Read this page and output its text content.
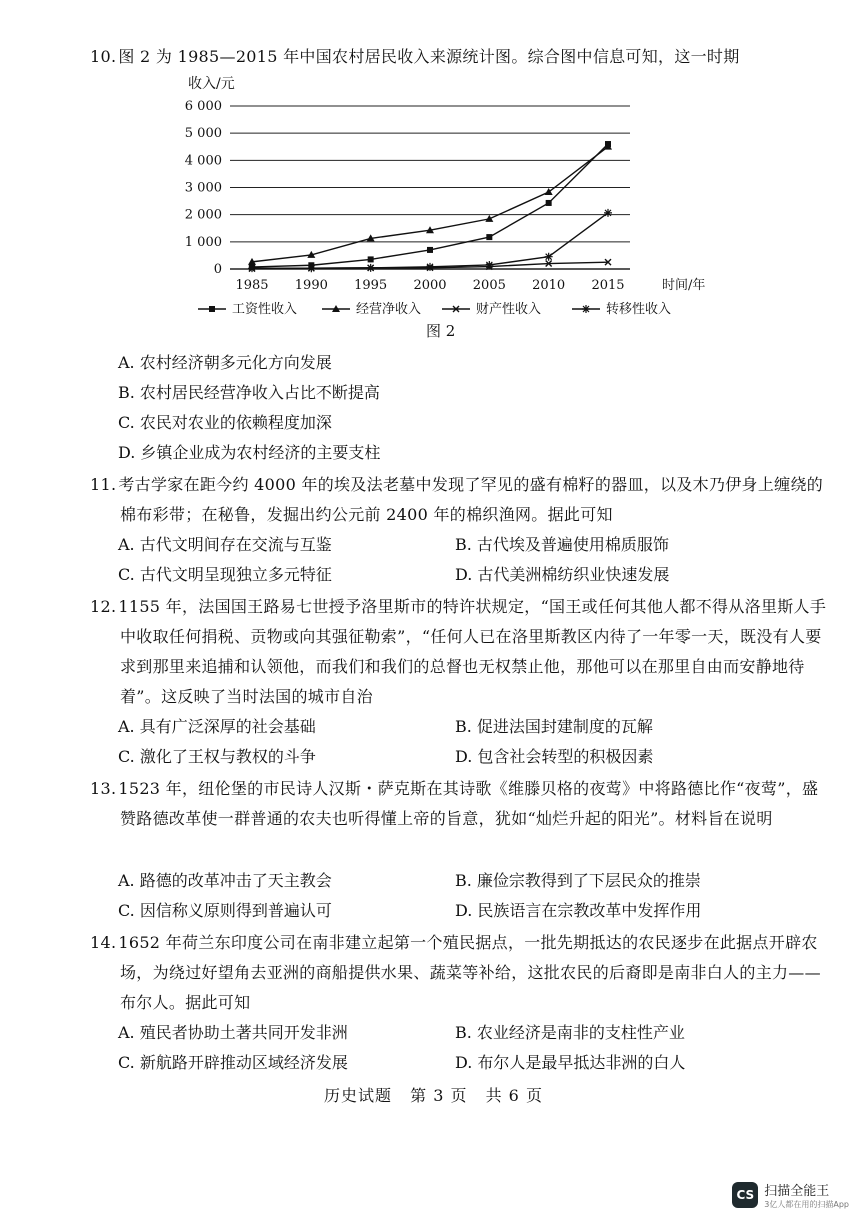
10. 图 2 为 1985—2015 年中国农村居民收入来源统计图。综合图中信息可知，这一时期
收入/元
0
1 000
2 000
3 000
4 000
5 000
6 000
1985 1990 1995 2000 2005 2010 2015	时间/年
工资性收入	经营净收入	财产性收入	转移性收入
图 2
A. 农村经济朝多元化方向发展
B. 农村居民经营净收入占比不断提高
C. 农民对农业的依赖程度加深
D. 乡镇企业成为农村经济的主要支柱
11. 考古学家在距今约 4000 年的埃及法老墓中发现了罕见的盛有棉籽的器皿，以及木乃伊身上缠绕的棉布彩带；在秘鲁，发掘出约公元前 2400 年的棉织渔网。据此可知
A. 古代文明间存在交流与互鉴	B. 古代埃及普遍使用棉质服饰
C. 古代文明呈现独立多元特征	D. 古代美洲棉纺织业快速发展
12. 1155 年，法国国王路易七世授予洛里斯市的特许状规定，“国王或任何其他人都不得从洛里斯人手中收取任何捐税、贡物或向其强征勒索”，“任何人已在洛里斯教区内待了一年零一天，既没有人要求到那里来追捕和认领他，而我们和我们的总督也无权禁止他，那他可以在那里自由而安静地待着”。这反映了当时法国的城市自治
A. 具有广泛深厚的社会基础	B. 促进法国封建制度的瓦解
C. 激化了王权与教权的斗争	D. 包含社会转型的积极因素
13. 1523 年，纽伦堡的市民诗人汉斯・萨克斯在其诗歌《维滕贝格的夜莺》中将路德比作“夜莺”，盛赞路德改革使一群普通的农夫也听得懂上帝的旨意，犹如“灿烂升起的阳光”。材料旨在说明
A. 路德的改革冲击了天主教会	B. 廉俭宗教得到了下层民众的推崇
C. 因信称义原则得到普遍认可	D. 民族语言在宗教改革中发挥作用
14. 1652 年荷兰东印度公司在南非建立起第一个殖民据点，一批先期抵达的农民逐步在此据点开辟农场，为绕过好望角去亚洲的商船提供水果、蔬菜等补给，这批农民的后裔即是南非白人的主力——布尔人。据此可知
A. 殖民者协助土著共同开发非洲	B. 农业经济是南非的支柱性产业
C. 新航路开辟推动区域经济发展	D. 布尔人是最早抵达非洲的白人
历史试题 第 3 页 共 6 页
CS 扫描全能王
3亿人都在用的扫描App
